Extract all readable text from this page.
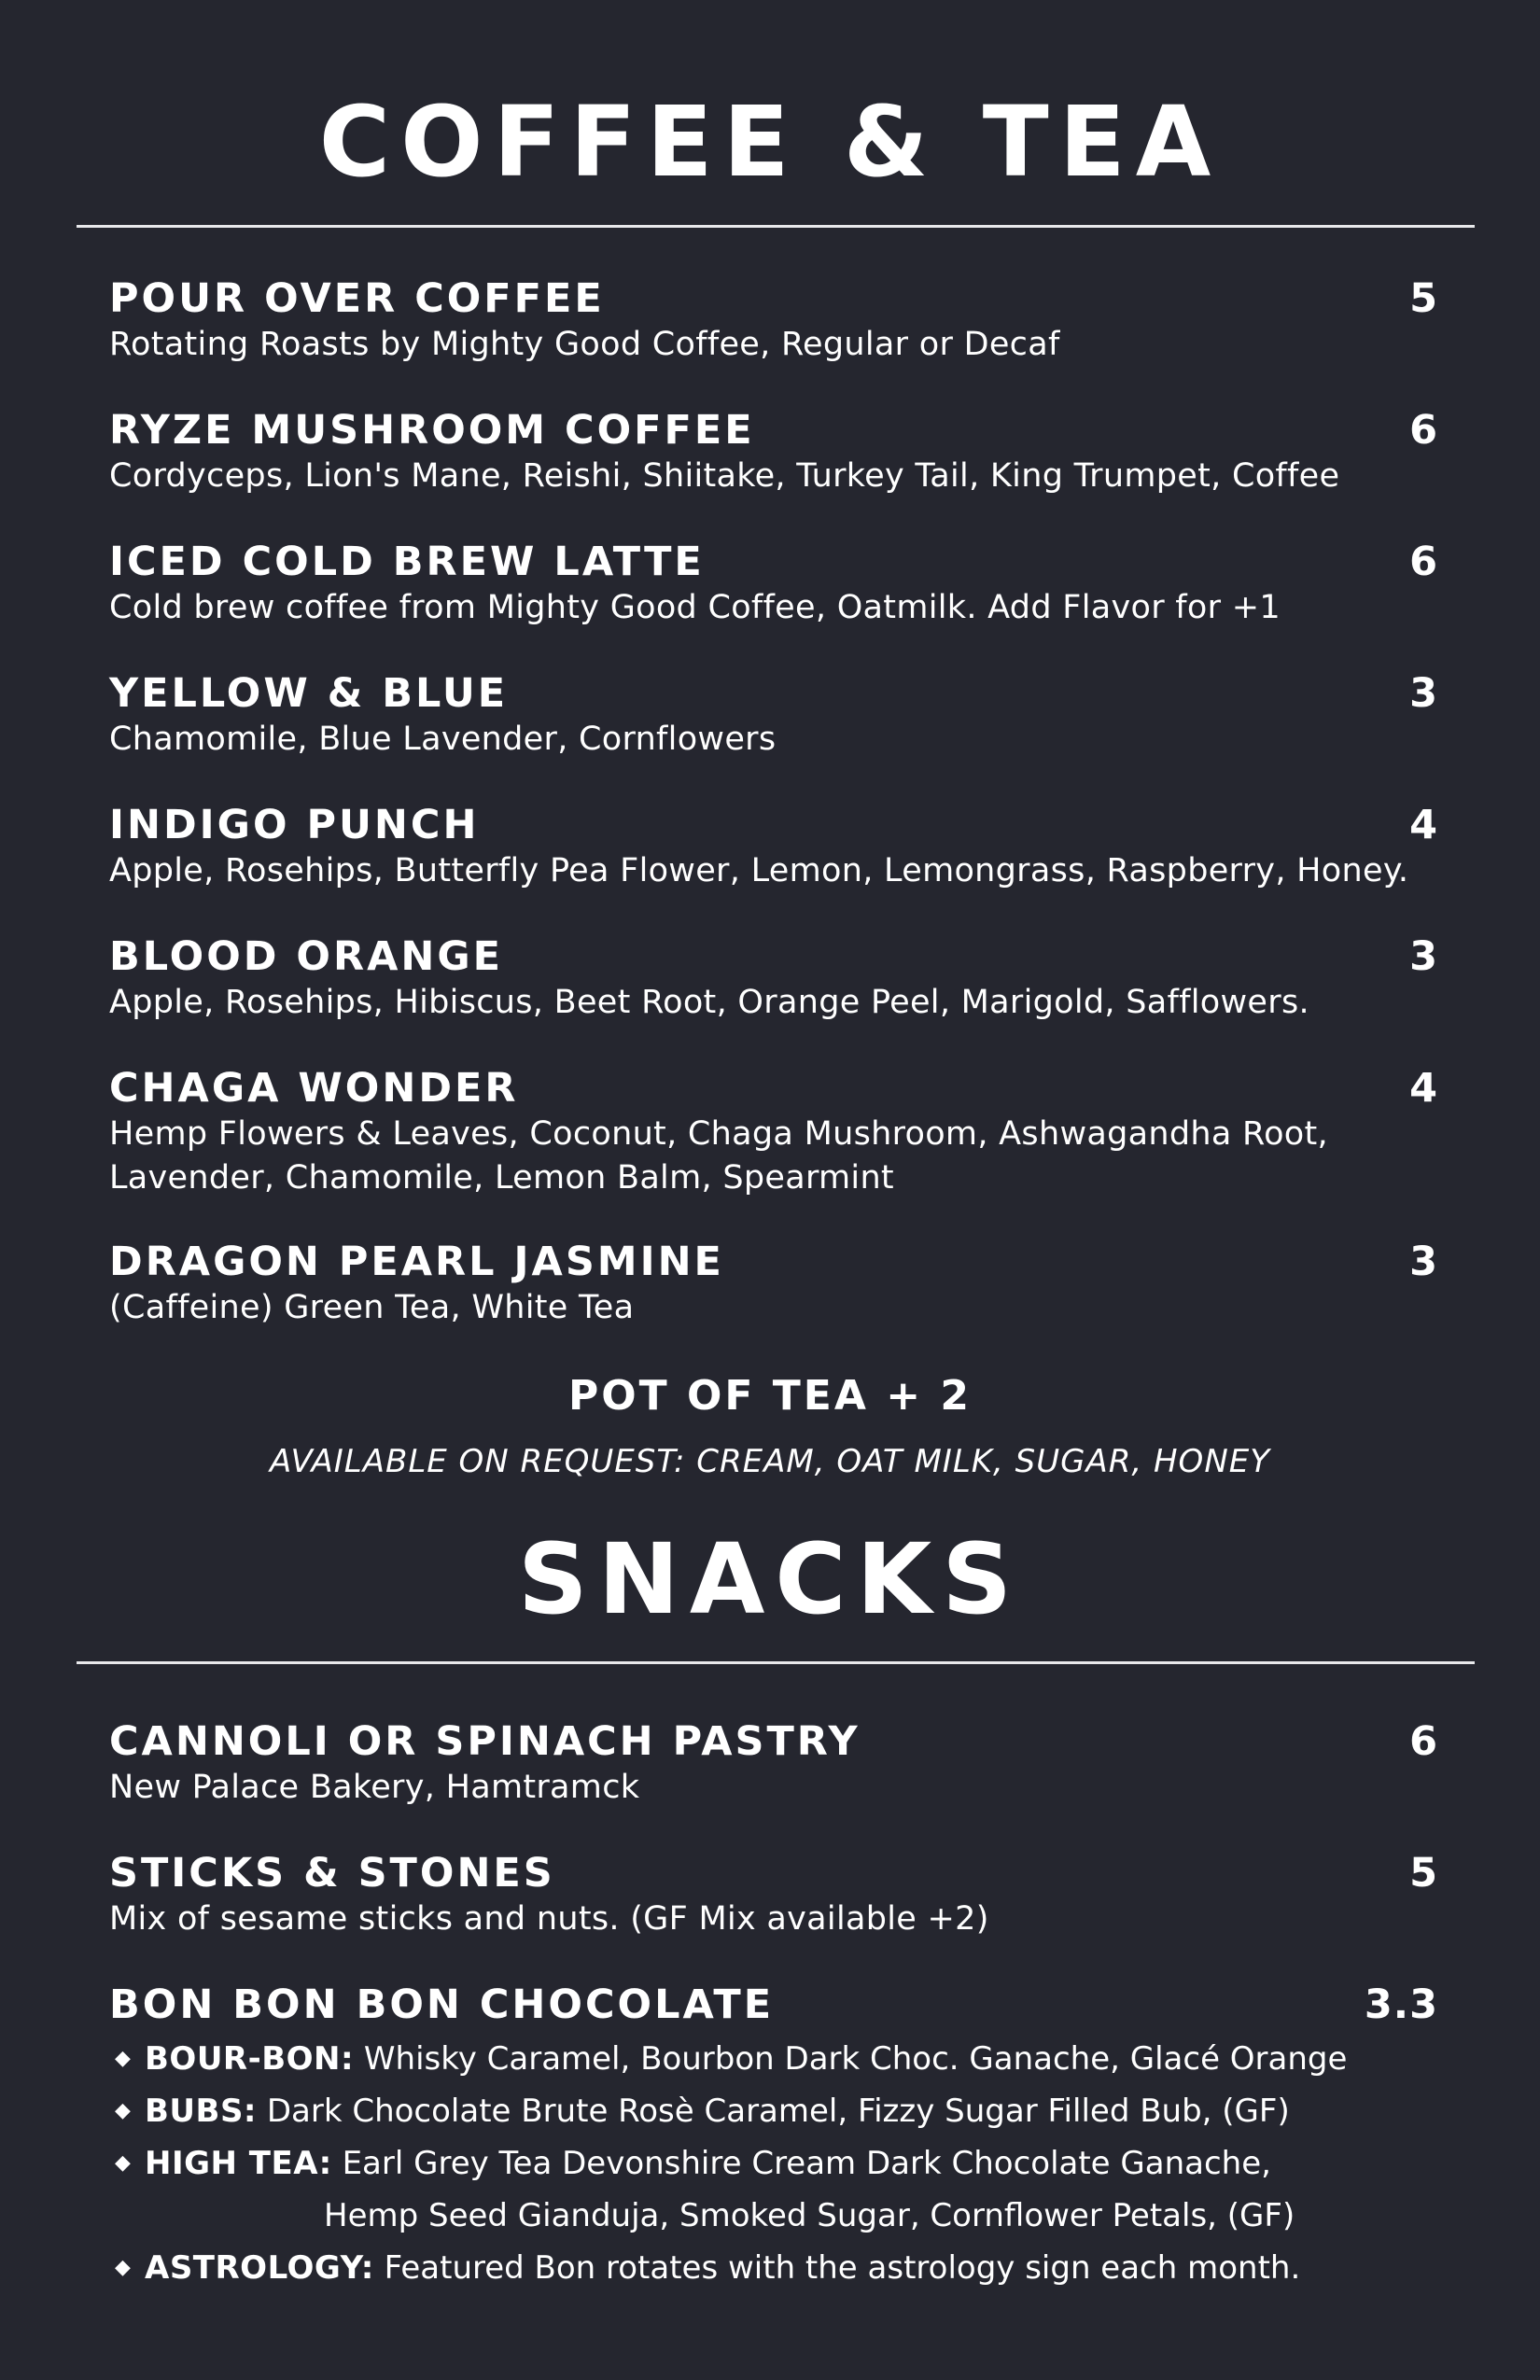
COFFEE & TEA
POUR OVER COFFEE	5
Rotating Roasts by Mighty Good Coffee, Regular or Decaf
RYZE MUSHROOM COFFEE	6
Cordyceps, Lion's Mane, Reishi, Shiitake, Turkey Tail, King Trumpet, Coffee
ICED COLD BREW LATTE	6
Cold brew coffee from Mighty Good Coffee, Oatmilk. Add Flavor for +1
YELLOW & BLUE	3
Chamomile, Blue Lavender, Cornflowers
INDIGO PUNCH	4
Apple, Rosehips, Butterfly Pea Flower, Lemon, Lemongrass, Raspberry, Honey.
BLOOD ORANGE	3
Apple, Rosehips, Hibiscus, Beet Root, Orange Peel, Marigold, Safflowers.
CHAGA WONDER	4
Hemp Flowers & Leaves, Coconut, Chaga Mushroom, Ashwagandha Root,
Lavender, Chamomile, Lemon Balm, Spearmint
DRAGON PEARL JASMINE	3
(Caffeine) Green Tea, White Tea
POT OF TEA + 2
AVAILABLE ON REQUEST: CREAM, OAT MILK, SUGAR, HONEY
SNACKS
CANNOLI OR SPINACH PASTRY	6
New Palace Bakery, Hamtramck
STICKS & STONES	5
Mix of sesame sticks and nuts. (GF Mix available +2)
BON BON BON CHOCOLATE	3.3
◆ BOUR-BON: Whisky Caramel, Bourbon Dark Choc. Ganache, Glacé Orange
◆ BUBS: Dark Chocolate Brute Rosè Caramel, Fizzy Sugar Filled Bub, (GF)
◆ HIGH TEA: Earl Grey Tea Devonshire Cream Dark Chocolate Ganache,
Hemp Seed Gianduja, Smoked Sugar, Cornflower Petals, (GF)
◆ ASTROLOGY: Featured Bon rotates with the astrology sign each month.
